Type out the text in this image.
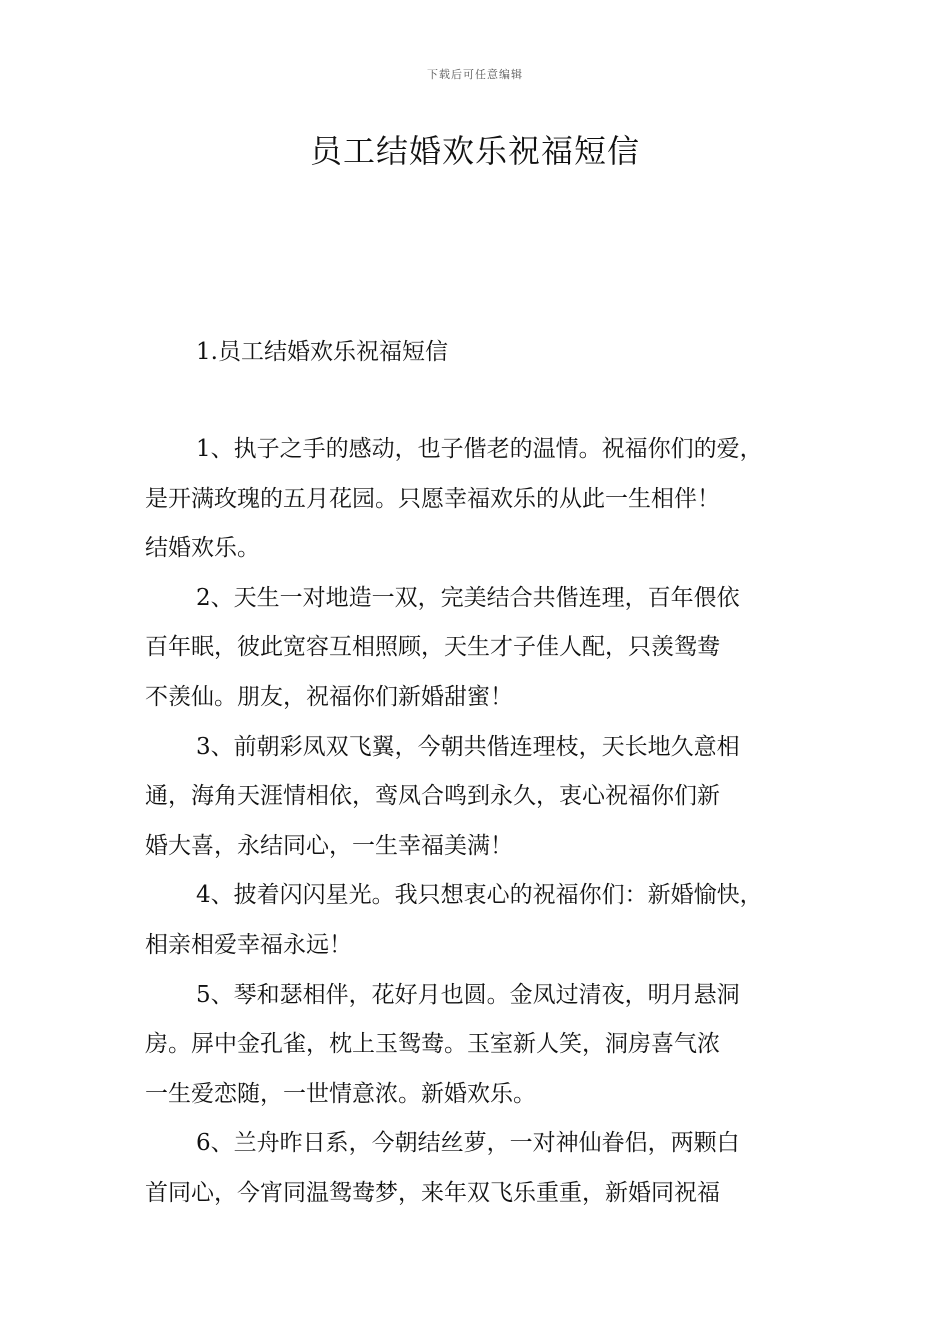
下载后可任意编辑
员工结婚欢乐祝福短信
1.员工结婚欢乐祝福短信

1、执子之手的感动，也子偕老的温情。祝福你们的爱，
是开满玫瑰的五月花园。只愿幸福欢乐的从此一生相伴！
结婚欢乐。

2、天生一对地造一双，完美结合共偕连理，百年偎依
百年眠，彼此宽容互相照顾，天生才子佳人配，只羡鸳鸯
不羡仙。朋友，祝福你们新婚甜蜜！

3、前朝彩凤双飞翼，今朝共偕连理枝，天长地久意相
通，海角天涯情相依，鸾凤合鸣到永久，衷心祝福你们新
婚大喜，永结同心，一生幸福美满！

4、披着闪闪星光。我只想衷心的祝福你们：新婚愉快，
相亲相爱幸福永远！

5、琴和瑟相伴，花好月也圆。金凤过清夜，明月悬洞
房。屏中金孔雀，枕上玉鸳鸯。玉室新人笑，洞房喜气浓
一生爱恋随，一世情意浓。新婚欢乐。

6、兰舟昨日系，今朝结丝萝，一对神仙眷侣，两颗白
首同心，今宵同温鸳鸯梦，来年双飞乐重重，新婚同祝福
